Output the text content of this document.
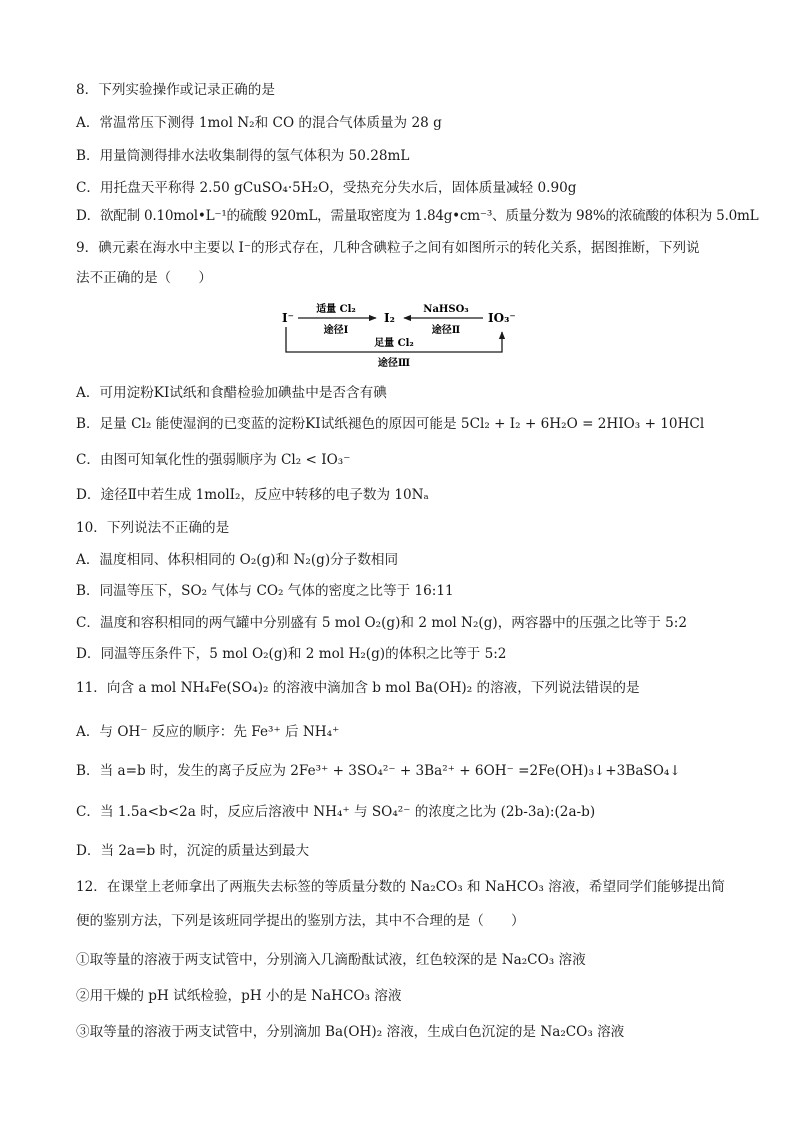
8．下列实验操作或记录正确的是
A．常温常压下测得 1mol N₂和 CO 的混合气体质量为 28 g
B．用量筒测得排水法收集制得的氢气体积为 50.28mL
C．用托盘天平称得 2.50 gCuSO₄·5H₂O，受热充分失水后，固体质量减轻 0.90g
D．欲配制 0.10mol•L⁻¹的硫酸 920mL，需量取密度为 1.84g•cm⁻³、质量分数为 98%的浓硫酸的体积为 5.0mL
9．碘元素在海水中主要以 I⁻的形式存在，几种含碘粒子之间有如图所示的转化关系，据图推断，下列说
法不正确的是（　　）
I⁻
适量 Cl₂
途径Ⅰ
I₂
NaHSO₃
途径Ⅱ
IO₃⁻
足量 Cl₂
途径Ⅲ
A．可用淀粉KI试纸和食醋检验加碘盐中是否含有碘
B．足量 Cl₂ 能使湿润的已变蓝的淀粉KI试纸褪色的原因可能是 5Cl₂ + I₂ + 6H₂O = 2HIO₃ + 10HCl
C．由图可知氧化性的强弱顺序为 Cl₂ < IO₃⁻
D．途径Ⅱ中若生成 1molI₂，反应中转移的电子数为 10Nₐ
10．下列说法不正确的是
A．温度相同、体积相同的 O₂(g)和 N₂(g)分子数相同
B．同温等压下，SO₂ 气体与 CO₂ 气体的密度之比等于 16:11
C．温度和容积相同的两气罐中分别盛有 5 mol O₂(g)和 2 mol N₂(g)，两容器中的压强之比等于 5:2
D．同温等压条件下，5 mol O₂(g)和 2 mol H₂(g)的体积之比等于 5:2
11．向含 a mol NH₄Fe(SO₄)₂ 的溶液中滴加含 b mol Ba(OH)₂ 的溶液，下列说法错误的是
A．与 OH⁻ 反应的顺序：先 Fe³⁺ 后 NH₄⁺
B．当 a=b 时，发生的离子反应为 2Fe³⁺ + 3SO₄²⁻ + 3Ba²⁺ + 6OH⁻ =2Fe(OH)₃↓+3BaSO₄↓
C．当 1.5a<b<2a 时，反应后溶液中 NH₄⁺ 与 SO₄²⁻ 的浓度之比为 (2b-3a):(2a-b)
D．当 2a=b 时，沉淀的质量达到最大
12．在课堂上老师拿出了两瓶失去标签的等质量分数的 Na₂CO₃ 和 NaHCO₃ 溶液，希望同学们能够提出简
便的鉴别方法，下列是该班同学提出的鉴别方法，其中不合理的是（　　）
①取等量的溶液于两支试管中，分别滴入几滴酚酞试液，红色较深的是 Na₂CO₃ 溶液
②用干燥的 pH 试纸检验，pH 小的是 NaHCO₃ 溶液
③取等量的溶液于两支试管中，分别滴加 Ba(OH)₂ 溶液，生成白色沉淀的是 Na₂CO₃ 溶液
